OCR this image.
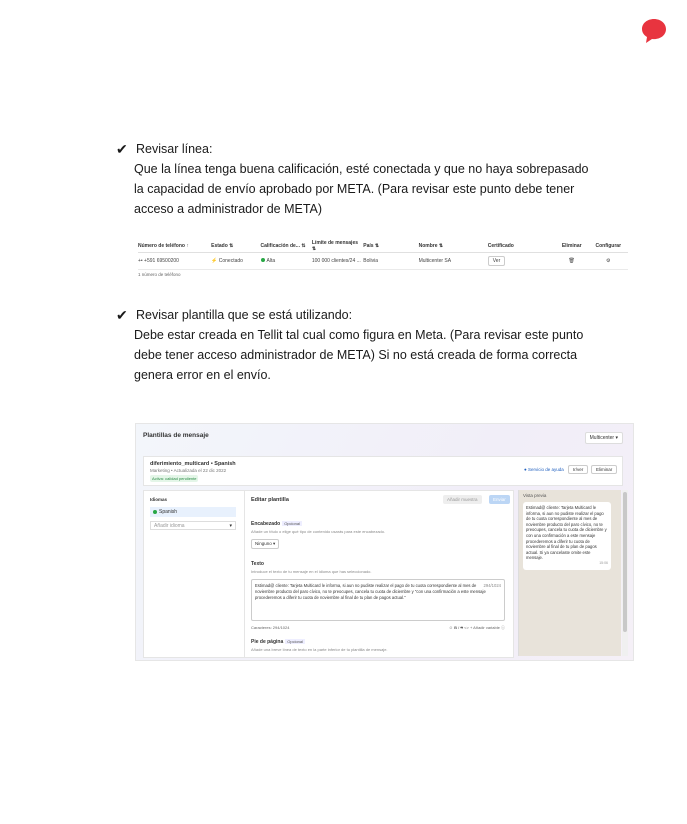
✔ Revisar línea:
Que la línea tenga buena calificación, esté conectada y que no haya sobrepasado la capacidad de envío aprobado por META. (Para revisar este punto debe tener acceso a administrador de META)
Número de teléfono ↑	Estado ⇅	Calificación de... ⇅	Límite de mensajes ⇅	País ⇅	Nombre ⇅	Certificado	Eliminar	Configurar
+• +591 69500200	⚡ Conectado	Alta	100 000 clientes/24 ... Bolivia	Multicenter SA	Ver	🗑	⚙
1 número de teléfono
✔ Revisar plantilla que se está utilizando:
Debe estar creada en Tellit tal cual como figura en Meta. (Para revisar este punto debe tener acceso administrador de META) Si no está creada de forma correcta genera error en el envío.
Plantillas de mensaje	Multicenter ▾
diferimiento_multicard • Spanish
Marketing • Actualizada el 22 dic 2022
Activa: calidad pendiente
● Servicio de ayuda	Ir/ver	Eliminar
Idiomas
Spanish
Añadir idioma	▾
Editar plantilla	Añadir muestra	Enviar
Encabezado Opcional
Añade un título o elige qué tipo de contenido usarás para este encabezado.
Ninguno ▾
Texto
Introduce el texto de tu mensaje en el idioma que has seleccionado.
294/1024
Estimad@ cliente: Tarjeta Multicard le informa, si aun no pudiste realizar el pago de tu cuota correspondiente al mes de noviembre producto del paro cívico, no te preocupes, cancela tu cuota de diciembre y "con una confirmación a este mensaje procederemos a diferir tu cuota de noviembre al final de tu plan de pagos actual."
Caracteres: 294/1024	☺ B I S <> + Añadir variable ⓘ
Pie de página Opcional
Añade una breve línea de texto en la parte inferior de tu plantilla de mensaje.
Vista previa
Estimad@ cliente: Tarjeta Multicard le informa, si aun no pudiste realizar el pago de tu cuota correspondiente al mes de noviembre producto del paro cívico, no te preocupes, cancela tu cuota de diciembre y con una confirmación a este mensaje procederemos a diferir tu cuota de noviembre al final de tu plan de pagos actual. Si ya cancelaste omite este mensaje.
15:06
